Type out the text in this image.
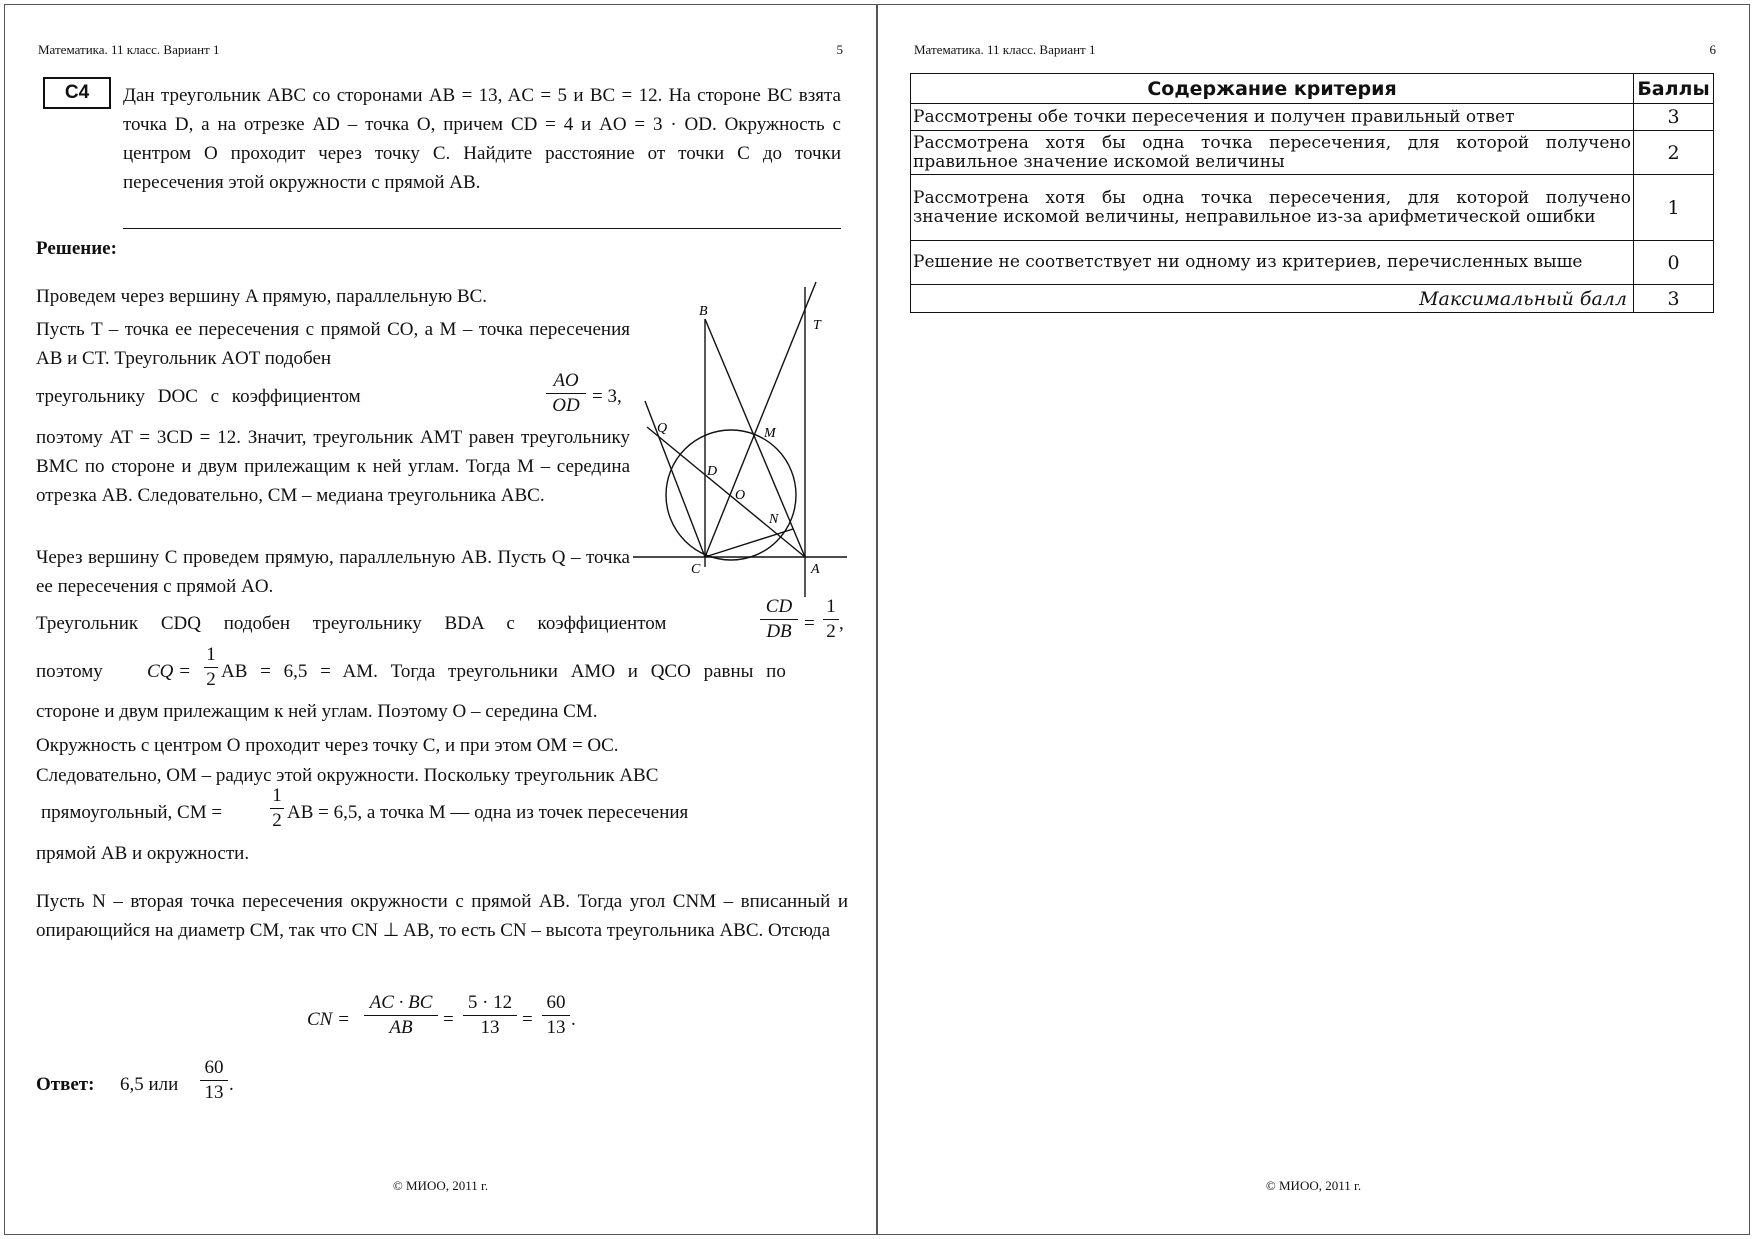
Математика. 11 класс. Вариант 1	5
C4	Дан треугольник ABC со сторонами AB = 13, AC = 5 и BC = 12. На стороне BC взята точка D, а на отрезке AD – точка O, причем CD = 4 и AO = 3 · OD. Окружность с центром O проходит через точку C. Найдите расстояние от точки C до точки пересечения этой окружности с прямой AB.
Решение:
Проведем через вершину A прямую, параллельную BC.
Пусть T – точка ее пересечения с прямой CO, а M – точка пересечения AB и CT. Треугольник AOT подобен
треугольнику DOC с коэффициентом	$\frac{AO}{OD} = 3$,
поэтому AT = 3CD = 12. Значит, треугольник AMT равен треугольнику BMC по стороне и двум прилежащим к ней углам. Тогда M – середина отрезка AB. Следовательно, CM – медиана треугольника ABC.
Через вершину C проведем прямую, параллельную AB. Пусть Q – точка ее пересечения с прямой AO.
Треугольник CDQ подобен треугольнику BDA с коэффициентом	$\frac{CD}{DB} = \frac{1}{2}$ ,
поэтому CQ = $\frac{1}{2}$ AB = 6,5 = AM. Тогда треугольники AMO и QCO равны по
стороне и двум прилежащим к ней углам. Поэтому O – середина CM.
Окружность с центром O проходит через точку C, и при этом OM = OC.
Следовательно, OM – радиус этой окружности. Поскольку треугольник ABC
прямоугольный, CM =	$\frac{1}{2}$ AB = 6,5, а точка M — одна из точек пересечения
прямой AB и окружности.
Пусть N – вторая точка пересечения окружности с прямой AB. Тогда угол CNM – вписанный и опирающийся на диаметр CM, так что CN ⊥ AB, то есть CN – высота треугольника ABC. Отсюда
CN = $\frac{AC \cdot BC}{AB} = \frac{5 \cdot 12}{13} = \frac{60}{13}$ .
Ответ: 6,5 или $\frac{60}{13}$ .
B
T
Q	M
D
O
N
C	A
© МИОО, 2011 г.
Математика. 11 класс. Вариант 1	6
Содержание критерия	Баллы
Рассмотрены обе точки пересечения и получен правильный ответ	3
Рассмотрена хотя бы одна точка пересечения, для которой получено правильное значение искомой величины	2
Рассмотрена хотя бы одна точка пересечения, для которой получено значение искомой величины, неправильное из-за арифметической ошибки	1
Решение не соответствует ни одному из критериев, перечисленных выше	0
Максимальный балл	3
© МИОО, 2011 г.
